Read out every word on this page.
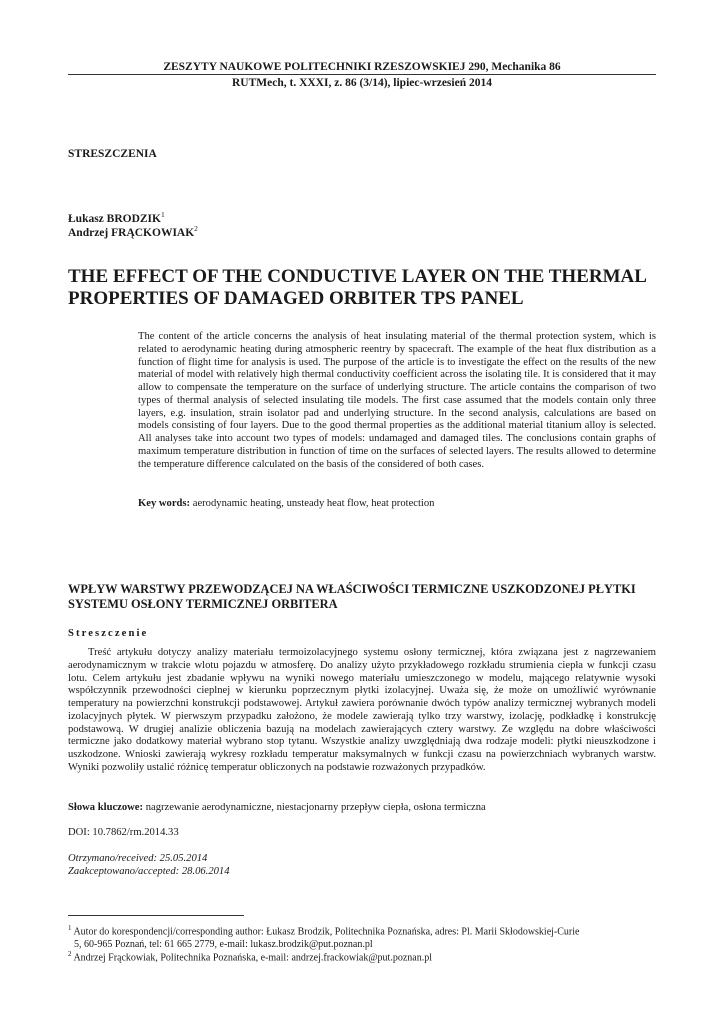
ZESZYTY NAUKOWE POLITECHNIKI RZESZOWSKIEJ 290, Mechanika 86
RUTMech, t. XXXI, z. 86 (3/14), lipiec-wrzesień 2014
STRESZCZENIA
Łukasz BRODZIK$^1$
Andrzej FRĄCKOWIAK$^2$
THE EFFECT OF THE CONDUCTIVE LAYER ON THE THERMAL PROPERTIES OF DAMAGED ORBITER TPS PANEL
The content of the article concerns the analysis of heat insulating material of the thermal protection system, which is related to aerodynamic heating during atmospheric reentry by spacecraft. The example of the heat flux distribution as a function of flight time for analysis is used. The purpose of the article is to investigate the effect on the results of the new material of model with relatively high thermal conductivity coefficient across the isolating tile. It is considered that it may allow to compensate the temperature on the surface of underlying structure. The article contains the comparison of two types of thermal analysis of selected insulating tile models. The first case assumed that the models contain only three layers, e.g. insulation, strain isolator pad and underlying structure. In the second analysis, calculations are based on models consisting of four layers. Due to the good thermal properties as the additional material titanium alloy is selected. All analyses take into account two types of models: undamaged and damaged tiles. The conclusions contain graphs of maximum temperature distribution in function of time on the surfaces of selected layers. The results allowed to determine the temperature difference calculated on the basis of the considered of both cases.
Key words: aerodynamic heating, unsteady heat flow, heat protection
WPŁYW WARSTWY PRZEWODZĄCEJ NA WŁAŚCIWOŚCI TERMICZNE USZKODZONEJ PŁYTKI SYSTEMU OSŁONY TERMICZNEJ ORBITERA
Streszczenie
Treść artykułu dotyczy analizy materiału termoizolacyjnego systemu osłony termicznej, która związana jest z nagrzewaniem aerodynamicznym w trakcie wlotu pojazdu w atmosferę. Do analizy użyto przykładowego rozkładu strumienia ciepła w funkcji czasu lotu. Celem artykułu jest zbadanie wpływu na wyniki nowego materiału umieszczonego w modelu, mającego relatywnie wysoki współczynnik przewodności cieplnej w kierunku poprzecznym płytki izolacyjnej. Uważa się, że może on umożliwić wyrównanie temperatury na powierzchni konstrukcji podstawowej. Artykuł zawiera porównanie dwóch typów analizy termicznej wybranych modeli izolacyjnych płytek. W pierwszym przypadku założono, że modele zawierają tylko trzy warstwy, izolację, podkładkę i konstrukcję podstawową. W drugiej analizie obliczenia bazują na modelach zawierających cztery warstwy. Ze względu na dobre właściwości termiczne jako dodatkowy materiał wybrano stop tytanu. Wszystkie analizy uwzględniają dwa rodzaje modeli: płytki nieuszkodzone i uszkodzone. Wnioski zawierają wykresy rozkładu temperatur maksymalnych w funkcji czasu na powierzchniach wybranych warstw. Wyniki pozwoliły ustalić różnicę temperatur obliczonych na podstawie rozważonych przypadków.
Słowa kluczowe: nagrzewanie aerodynamiczne, niestacjonarny przepływ ciepła, osłona termiczna
DOI: 10.7862/rm.2014.33
Otrzymano/received: 25.05.2014
Zaakceptowano/accepted: 28.06.2014
$^1$ Autor do korespondencji/corresponding author: Łukasz Brodzik, Politechnika Poznańska, adres: Pl. Marii Skłodowskiej-Curie
5, 60-965 Poznań, tel: 61 665 2779, e-mail: lukasz.brodzik@put.poznan.pl
$^2$ Andrzej Frąckowiak, Politechnika Poznańska, e-mail: andrzej.frackowiak@put.poznan.pl
